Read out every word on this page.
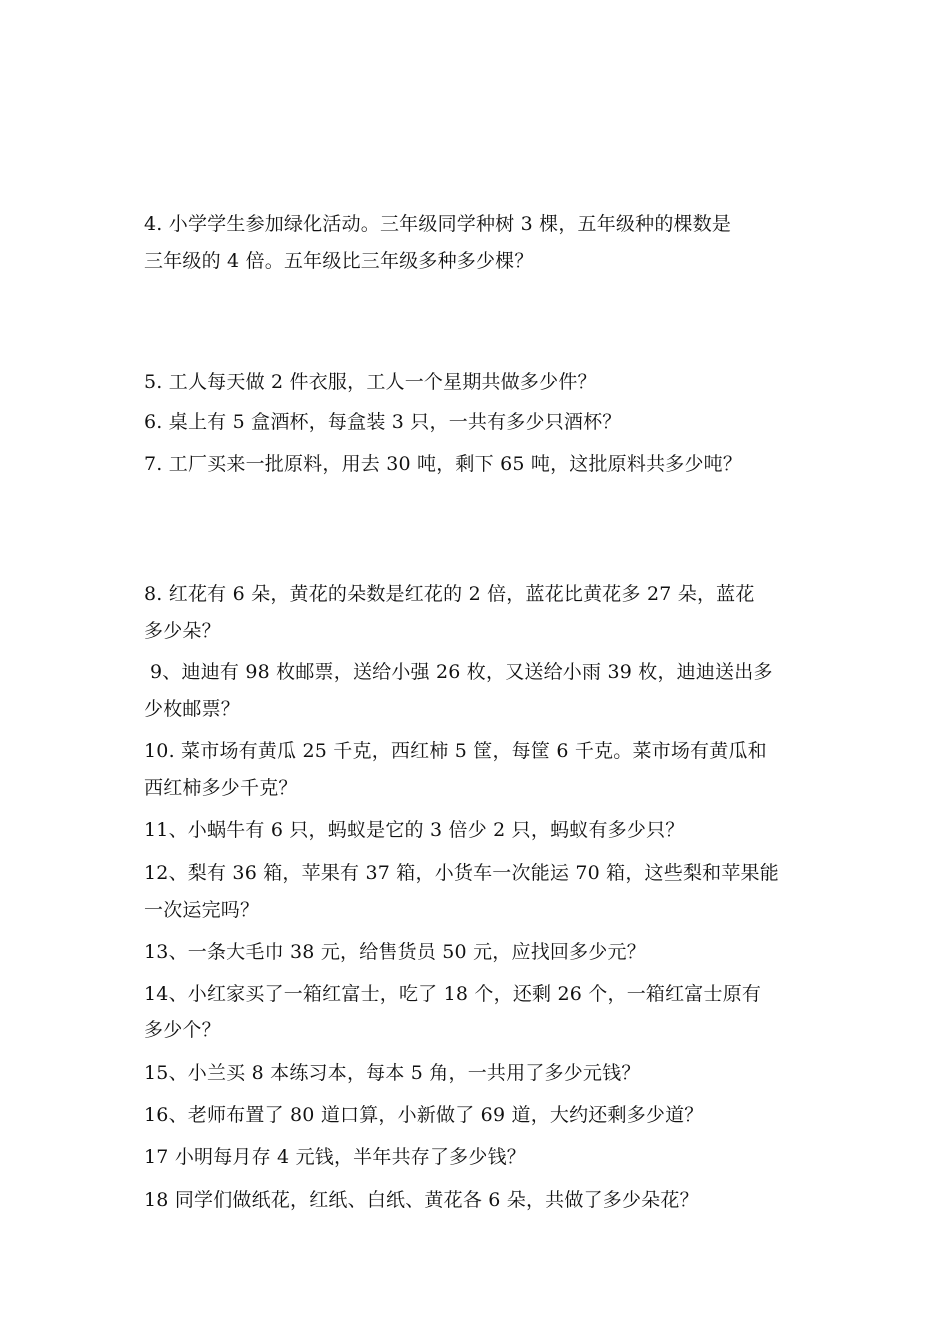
4. 小学学生参加绿化活动。三年级同学种树 3 棵，五年级种的棵数是
三年级的 4 倍。五年级比三年级多种多少棵？
5. 工人每天做 2 件衣服，工人一个星期共做多少件？
6. 桌上有 5 盒酒杯，每盒装 3 只，一共有多少只酒杯？
7. 工厂买来一批原料，用去 30 吨，剩下 65 吨，这批原料共多少吨？
8. 红花有 6 朵，黄花的朵数是红花的 2 倍，蓝花比黄花多 27 朵，蓝花
多少朵？
9、迪迪有 98 枚邮票，送给小强 26 枚，又送给小雨 39 枚，迪迪送出多
少枚邮票？
10. 菜市场有黄瓜 25 千克，西红柿 5 筐，每筐 6 千克。菜市场有黄瓜和
西红柿多少千克？
11、小蜗牛有 6 只，蚂蚁是它的 3 倍少 2 只，蚂蚁有多少只？
12、梨有 36 箱，苹果有 37 箱，小货车一次能运 70 箱，这些梨和苹果能
一次运完吗？
13、一条大毛巾 38 元，给售货员 50 元，应找回多少元？
14、小红家买了一箱红富士，吃了 18 个，还剩 26 个，一箱红富士原有
多少个？
15、小兰买 8 本练习本，每本 5 角，一共用了多少元钱？
16、老师布置了 80 道口算，小新做了 69 道，大约还剩多少道？
17 小明每月存 4 元钱，半年共存了多少钱？
18 同学们做纸花，红纸、白纸、黄花各 6 朵，共做了多少朵花？
